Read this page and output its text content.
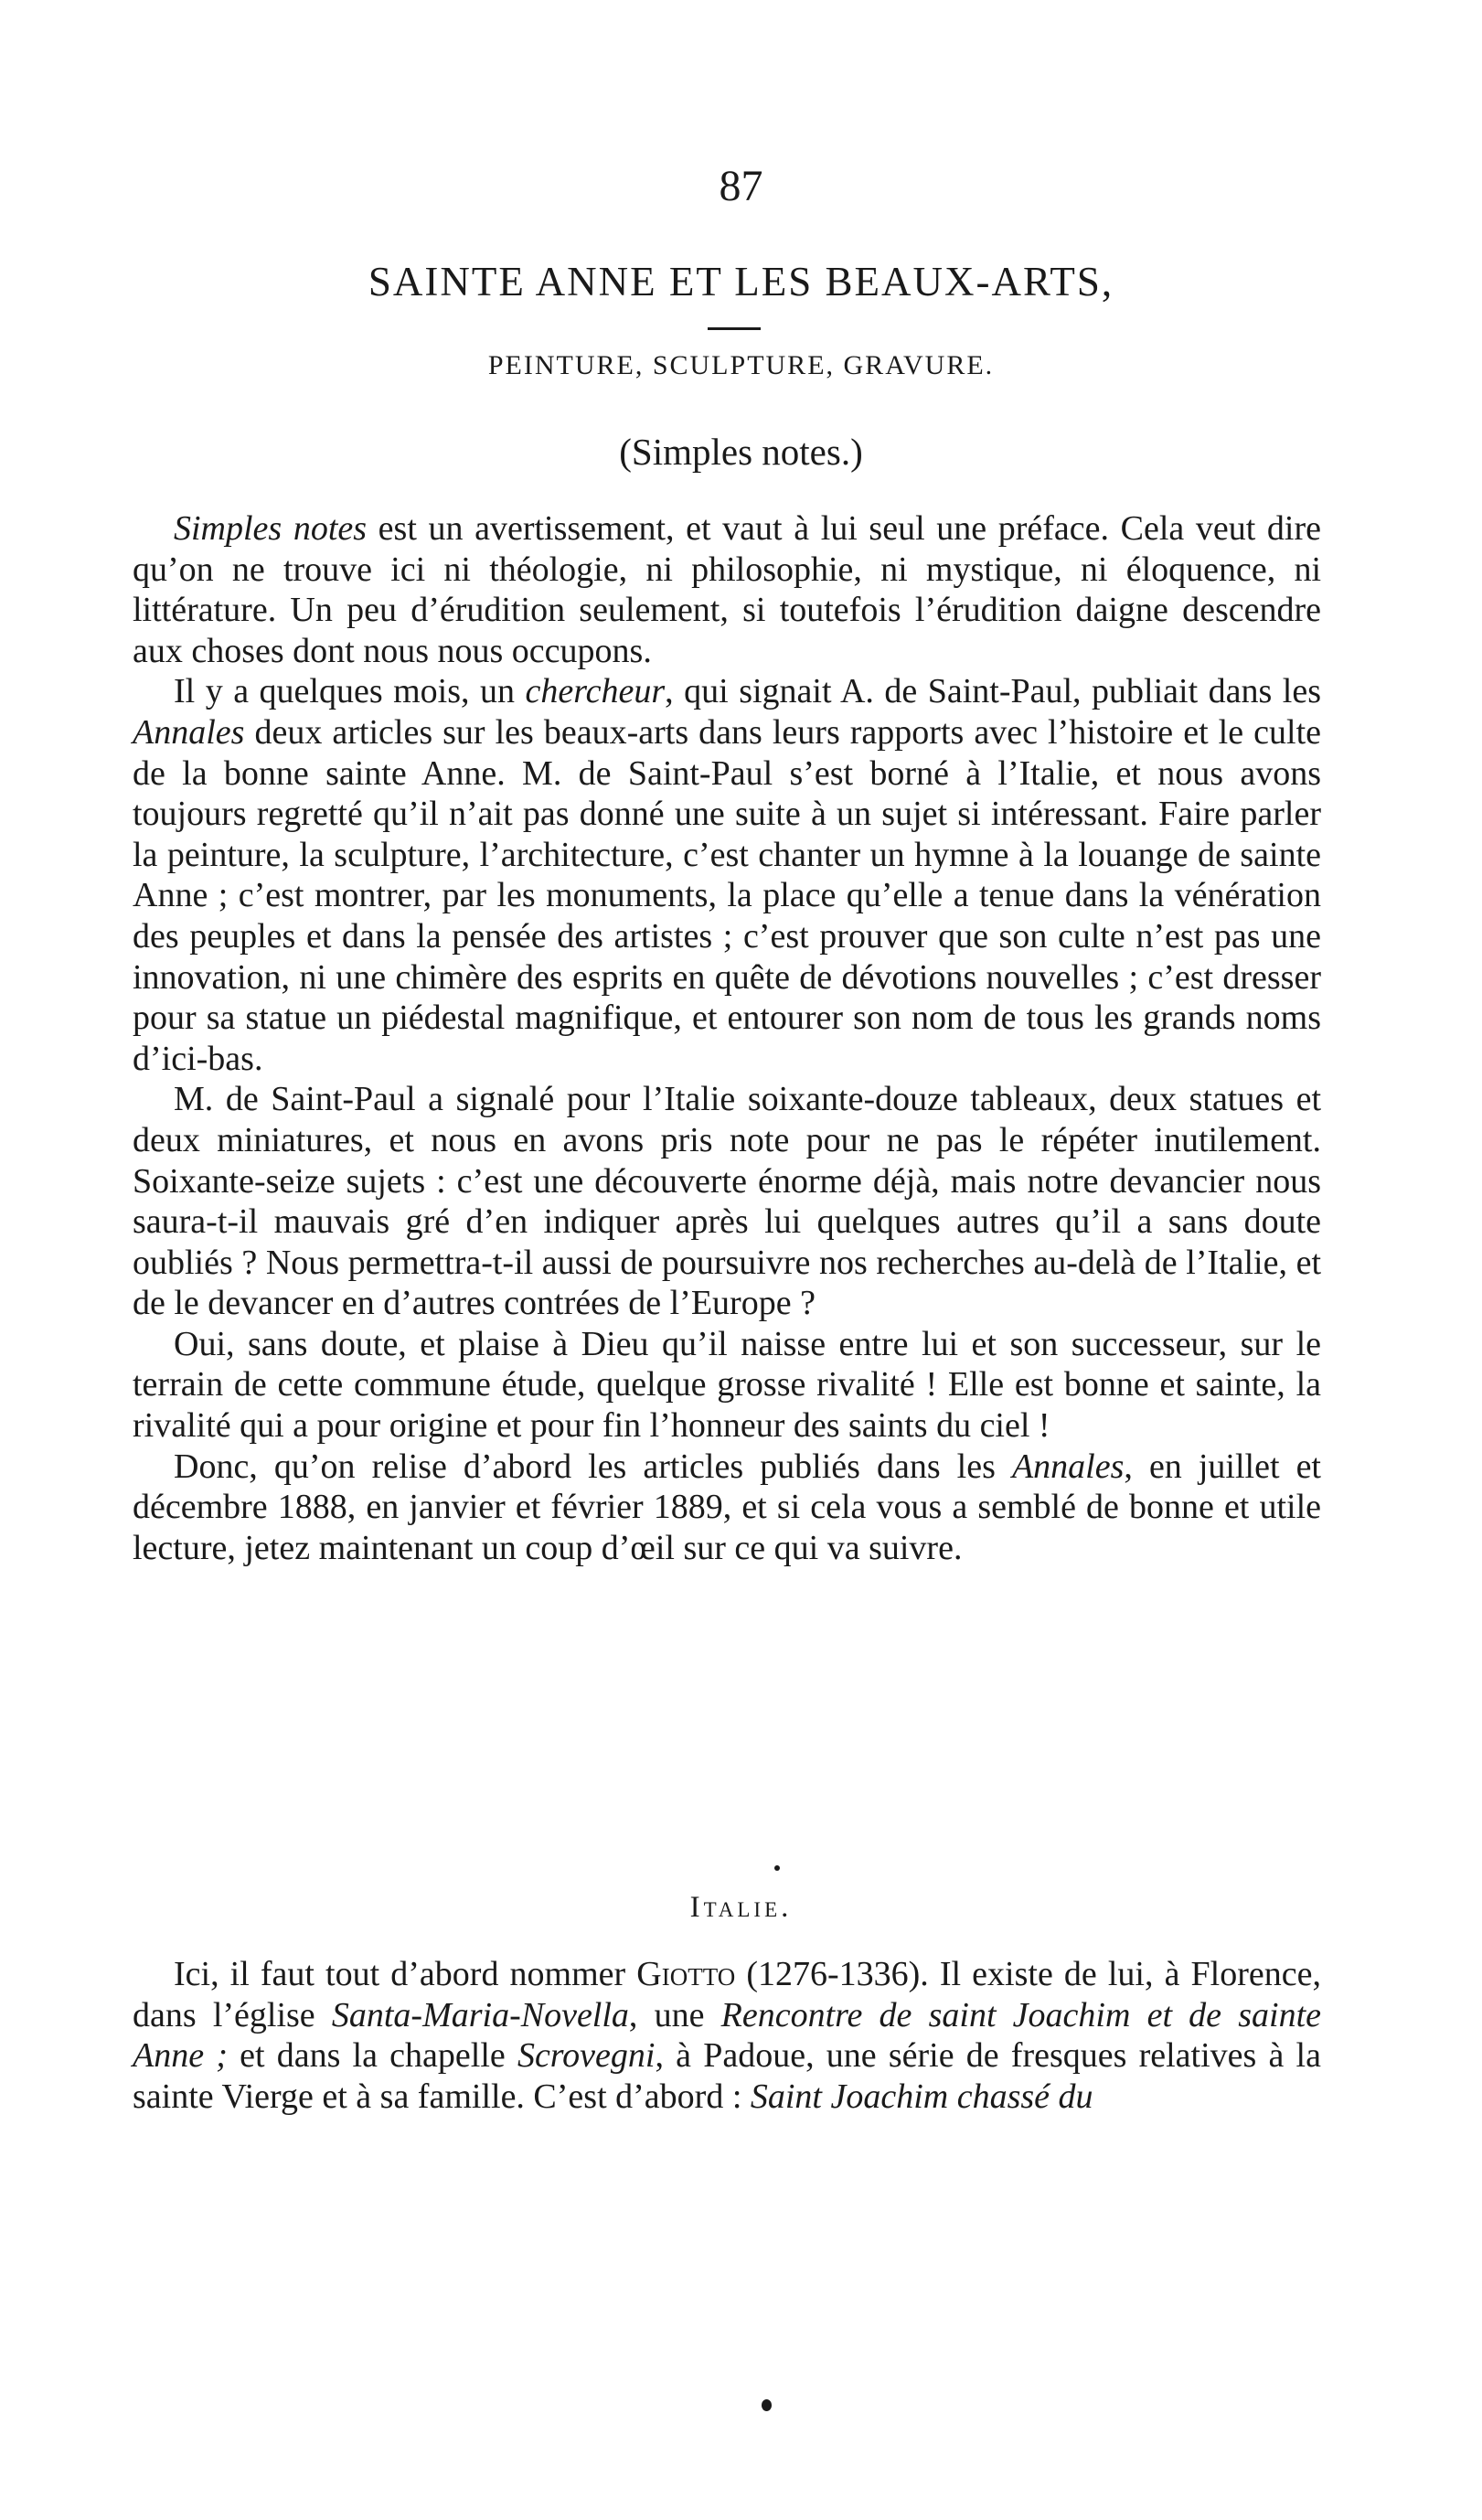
87
SAINTE ANNE ET LES BEAUX-ARTS,
PEINTURE, SCULPTURE, GRAVURE.
(Simples notes.)

Simples notes est un avertissement, et vaut à lui seul une préface. Cela veut dire qu’on ne trouve ici ni théologie, ni philosophie, ni mystique, ni éloquence, ni littérature. Un peu d’érudition seulement, si toutefois l’érudition daigne descendre aux choses dont nous nous occupons.

Il y a quelques mois, un chercheur, qui signait A. de Saint-Paul, publiait dans les Annales deux articles sur les beaux-arts dans leurs rapports avec l’histoire et le culte de la bonne sainte Anne. M. de Saint-Paul s’est borné à l’Italie, et nous avons toujours regretté qu’il n’ait pas donné une suite à un sujet si intéressant. Faire parler la peinture, la sculpture, l’architecture, c’est chanter un hymne à la louange de sainte Anne ; c’est montrer, par les monuments, la place qu’elle a tenue dans la vénération des peuples et dans la pensée des artistes ; c’est prouver que son culte n’est pas une innovation, ni une chimère des esprits en quête de dévotions nouvelles ; c’est dresser pour sa statue un piédestal magnifique, et entourer son nom de tous les grands noms d’ici-bas.

M. de Saint-Paul a signalé pour l’Italie soixante-douze tableaux, deux statues et deux miniatures, et nous en avons pris note pour ne pas le répéter inutilement. Soixante-seize sujets : c’est une découverte énorme déjà, mais notre devancier nous saura-t-il mauvais gré d’en indiquer après lui quelques autres qu’il a sans doute oubliés ? Nous permettra-t-il aussi de poursuivre nos recherches au-delà de l’Italie, et de le devancer en d’autres contrées de l’Europe ?

Oui, sans doute, et plaise à Dieu qu’il naisse entre lui et son successeur, sur le terrain de cette commune étude, quelque grosse rivalité ! Elle est bonne et sainte, la rivalité qui a pour origine et pour fin l’honneur des saints du ciel !

Donc, qu’on relise d’abord les articles publiés dans les Annales, en juillet et décembre 1888, en janvier et février 1889, et si cela vous a semblé de bonne et utile lecture, jetez maintenant un coup d’œil sur ce qui va suivre.

Italie.

Ici, il faut tout d’abord nommer Giotto (1276-1336). Il existe de lui, à Florence, dans l’église Santa-Maria-Novella, une Rencontre de saint Joachim et de sainte Anne ; et dans la chapelle Scrovegni, à Padoue, une série de fresques relatives à la sainte Vierge et à sa famille. C’est d’abord : Saint Joachim chassé du
